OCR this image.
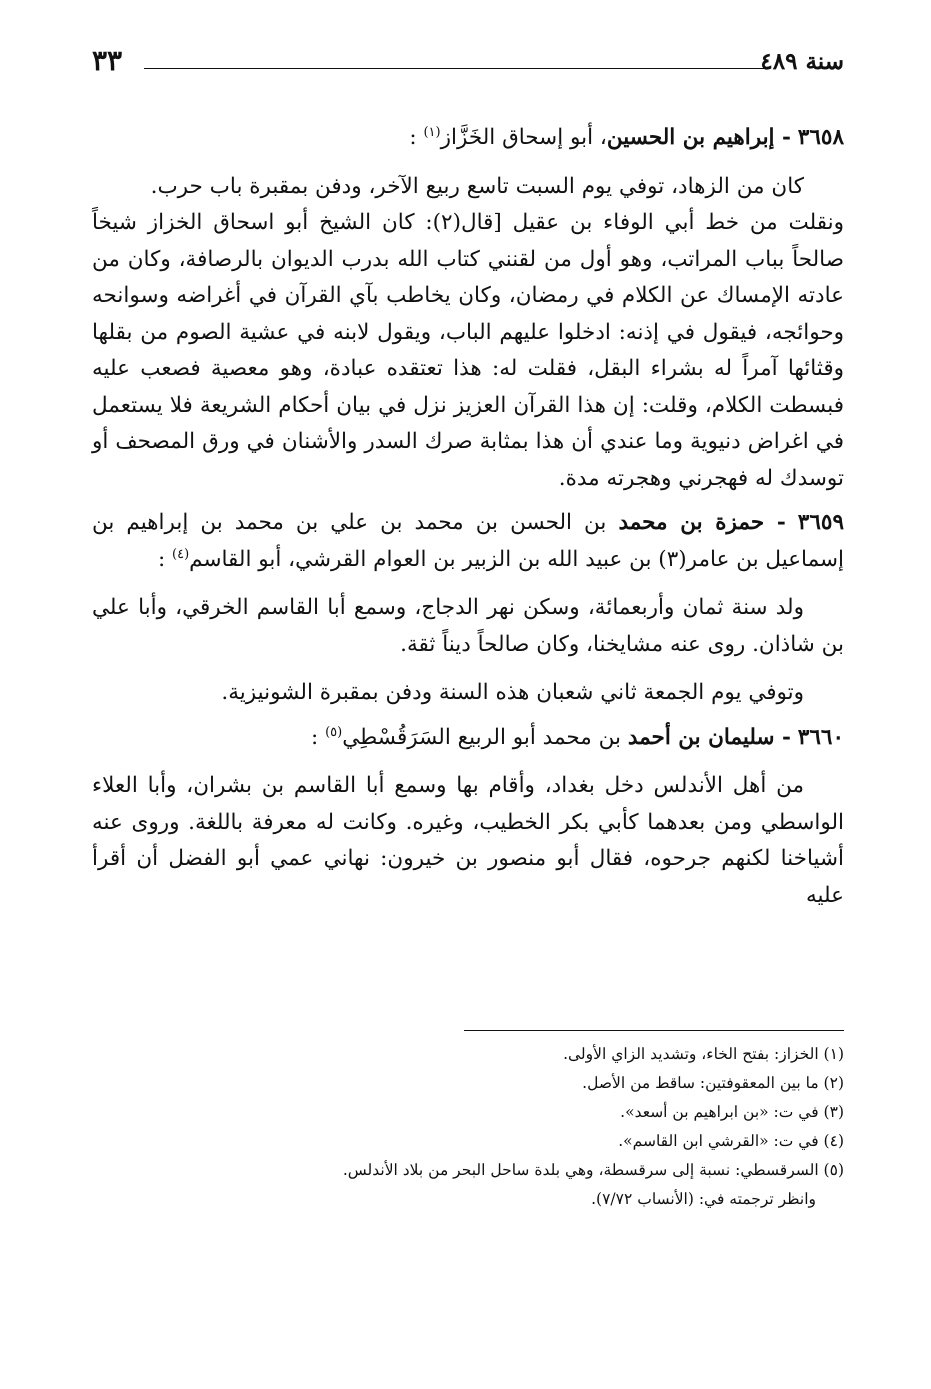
سنة ٤٨٩
٣٣

٣٦٥٨ - إبراهيم بن الحسين، أبو إسحاق الخَزَّاز$^{(١)}$ :

كان من الزهاد، توفي يوم السبت تاسع ربيع الآخر، ودفن بمقبرة باب حرب.

ونقلت من خط أبي الوفاء بن عقيل [قال(٢): كان الشيخ أبو اسحاق الخزاز شيخاً صالحاً بباب المراتب، وهو أول من لقنني كتاب الله بدرب الديوان بالرصافة، وكان من عادته الإمساك عن الكلام في رمضان، وكان يخاطب بآي القرآن في أغراضه وسوانحه وحوائجه، فيقول في إذنه: ادخلوا عليهم الباب، ويقول لابنه في عشية الصوم من بقلها وقثائها آمراً له بشراء البقل، فقلت له: هذا تعتقده عبادة، وهو معصية فصعب عليه فبسطت الكلام، وقلت: إن هذا القرآن العزيز نزل في بيان أحكام الشريعة فلا يستعمل في اغراض دنيوية وما عندي أن هذا بمثابة صرك السدر والأشنان في ورق المصحف أو توسدك له فهجرني وهجرته مدة.

٣٦٥٩ - حمزة بن محمد بن الحسن بن محمد بن علي بن محمد بن إبراهيم بن إسماعيل بن عامر(٣) بن عبيد الله بن الزبير بن العوام القرشي، أبو القاسم$^{(٤)}$ :

ولد سنة ثمان وأربعمائة، وسكن نهر الدجاج، وسمع أبا القاسم الخرقي، وأبا علي بن شاذان. روى عنه مشايخنا، وكان صالحاً ديناً ثقة.

وتوفي يوم الجمعة ثاني شعبان هذه السنة ودفن بمقبرة الشونيزية.

٣٦٦٠ - سليمان بن أحمد بن محمد أبو الربيع السَرَقُسْطِي$^{(٥)}$ :

من أهل الأندلس دخل بغداد، وأقام بها وسمع أبا القاسم بن بشران، وأبا العلاء الواسطي ومن بعدهما كأبي بكر الخطيب، وغيره. وكانت له معرفة باللغة. وروى عنه أشياخنا لكنهم جرحوه، فقال أبو منصور بن خيرون: نهاني عمي أبو الفضل أن أقرأ عليه

(١) الخزاز: بفتح الخاء، وتشديد الزاي الأولى.

(٢) ما بين المعقوفتين: ساقط من الأصل.

(٣) في ت: «بن ابراهيم بن أسعد».

(٤) في ت: «القرشي ابن القاسم».

(٥) السرقسطي: نسبة إلى سرقسطة، وهي بلدة ساحل البحر من بلاد الأندلس.

وانظر ترجمته في: (الأنساب ٧/٧٢).
